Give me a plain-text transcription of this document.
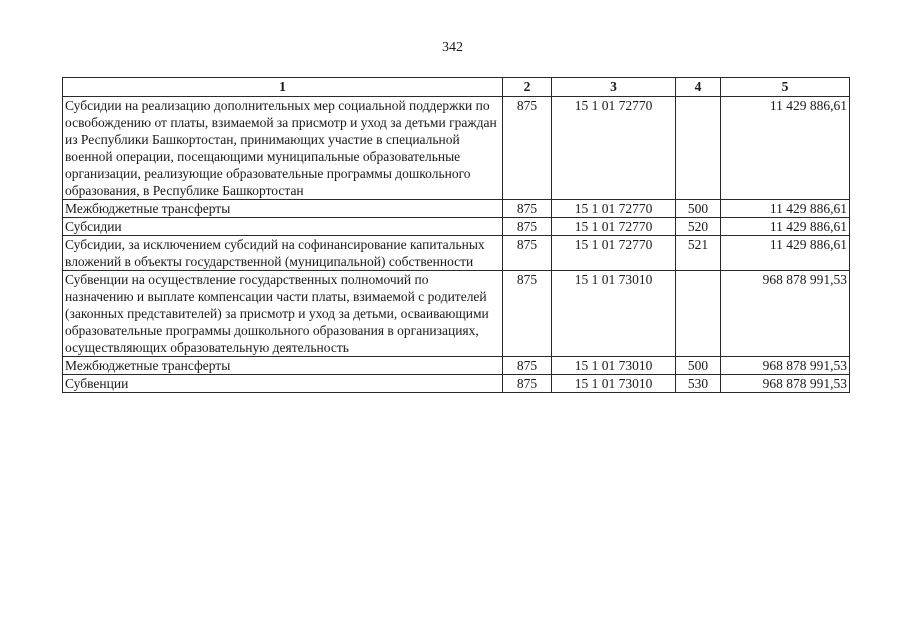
342
1	2	3	4	5
Субсидии на реализацию дополнительных мер социальной поддержки по освобождению от платы, взимаемой за присмотр и уход за детьми граждан из Республики Башкортостан, принимающих участие в специальной военной операции, посещающими муниципальные образовательные организации, реализующие образовательные программы дошкольного образования, в Республике Башкортостан	875	15 1 01 72770		11 429 886,61
Межбюджетные трансферты	875	15 1 01 72770	500	11 429 886,61
Субсидии	875	15 1 01 72770	520	11 429 886,61
Субсидии, за исключением субсидий на софинансирование капитальных вложений в объекты государственной (муниципальной) собственности	875	15 1 01 72770	521	11 429 886,61
Субвенции на осуществление государственных полномочий по назначению и выплате компенсации части платы, взимаемой с родителей (законных представителей) за присмотр и уход за детьми, осваивающими образовательные программы дошкольного образования в организациях, осуществляющих образовательную деятельность	875	15 1 01 73010		968 878 991,53
Межбюджетные трансферты	875	15 1 01 73010	500	968 878 991,53
Субвенции	875	15 1 01 73010	530	968 878 991,53
